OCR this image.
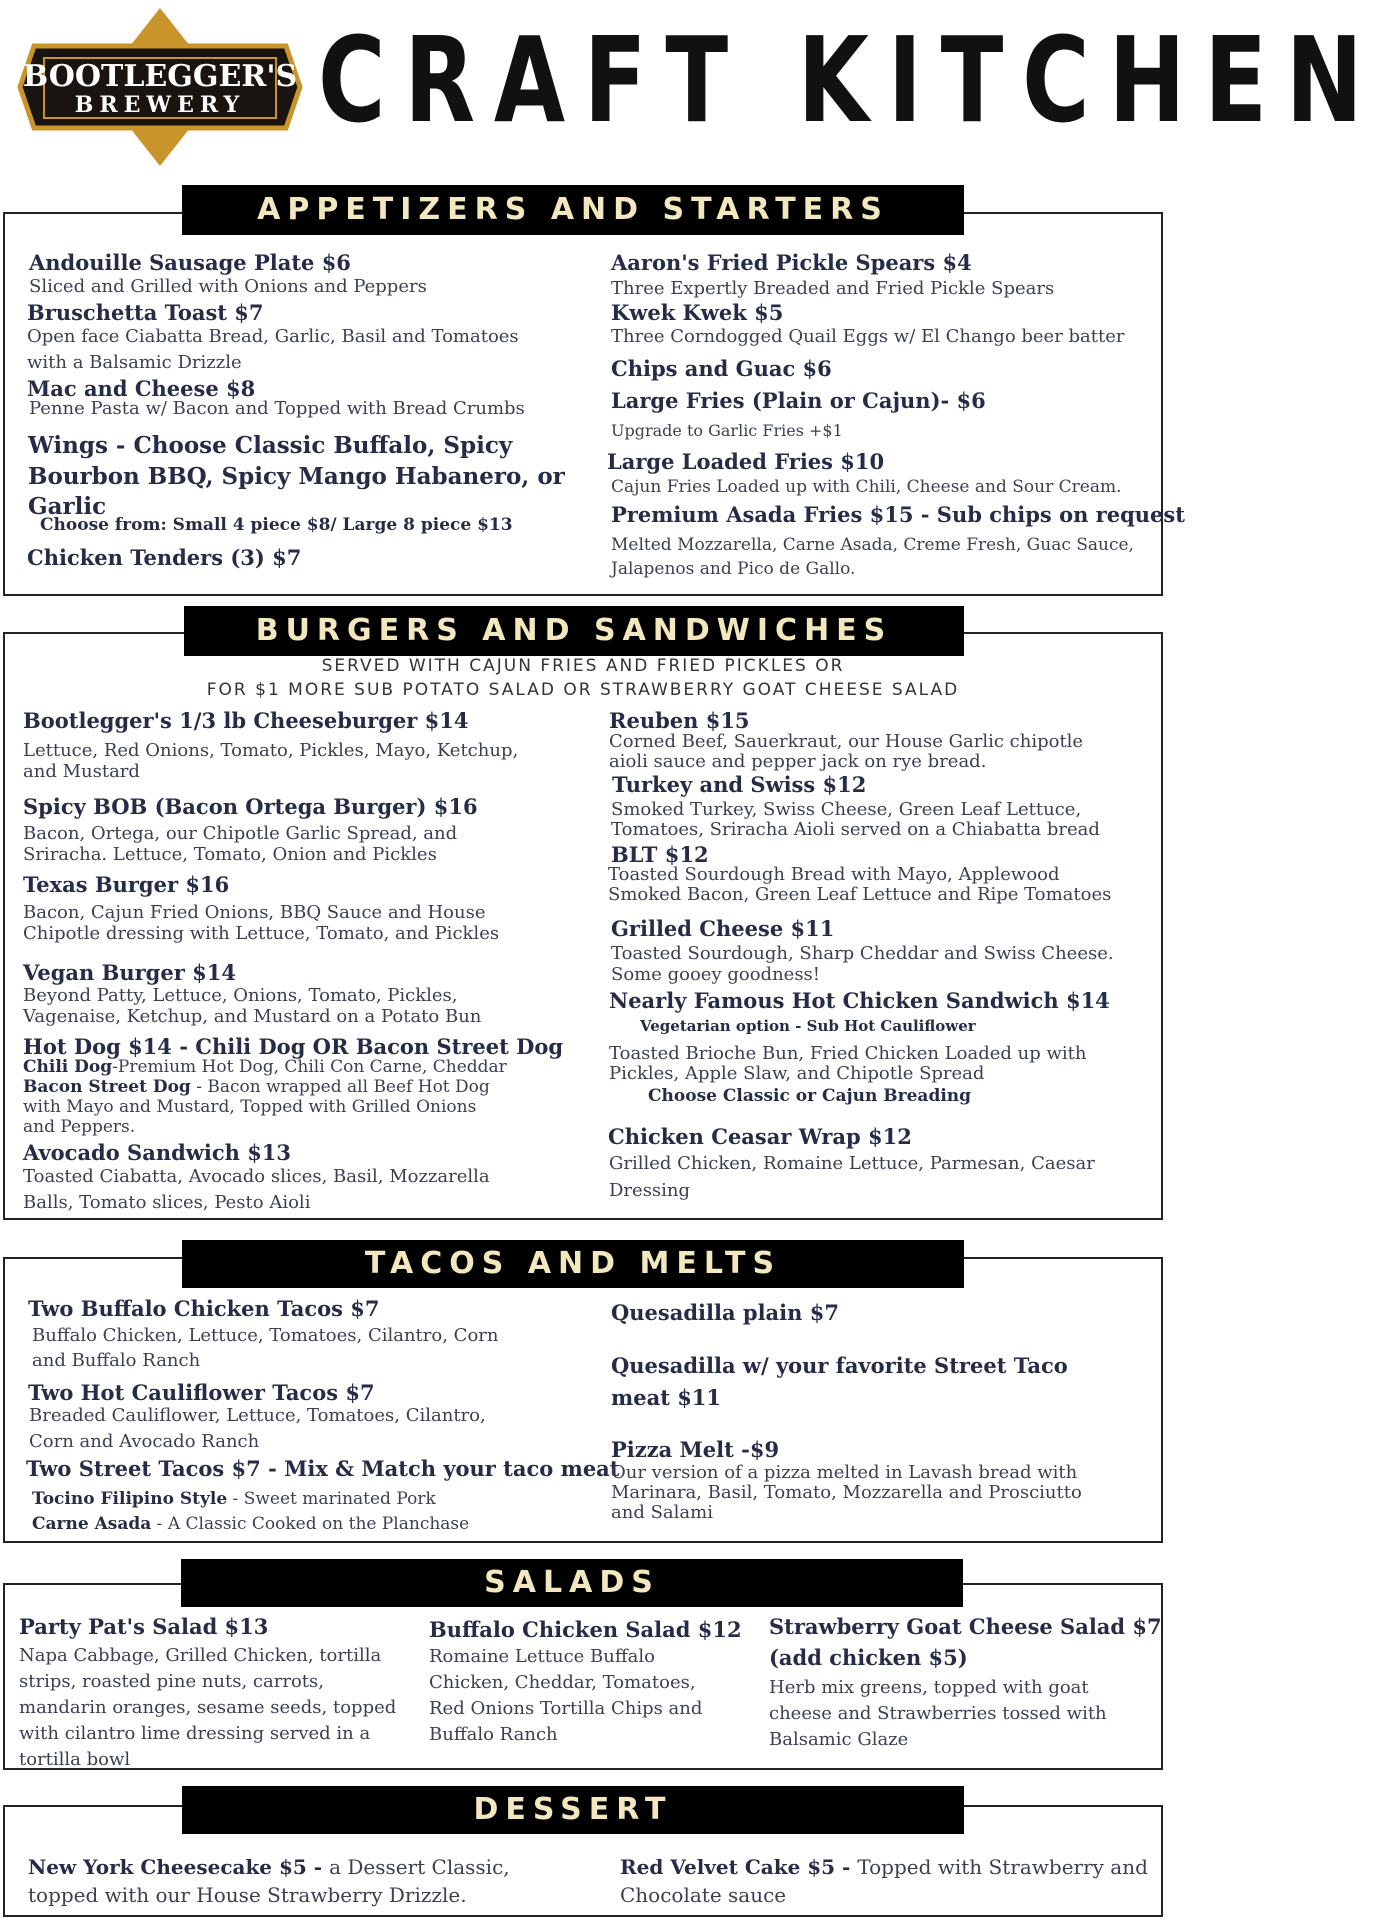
BOOTLEGGER'S
BREWERY CRAFT KITCHEN
APPETIZERS AND STARTERS
Andouille Sausage Plate $6
Sliced and Grilled with Onions and Peppers
Bruschetta Toast $7
Open face Ciabatta Bread, Garlic, Basil and Tomatoes
with a Balsamic Drizzle
Mac and Cheese $8
Penne Pasta w/ Bacon and Topped with Bread Crumbs
Wings - Choose Classic Buffalo, Spicy
Bourbon BBQ, Spicy Mango Habanero, or
Garlic
Choose from: Small 4 piece $8/ Large 8 piece $13
Chicken Tenders (3) $7
Aaron's Fried Pickle Spears $4
Three Expertly Breaded and Fried Pickle Spears
Kwek Kwek $5
Three Corndogged Quail Eggs w/ El Chango beer batter
Chips and Guac $6
Large Fries (Plain or Cajun)- $6
Upgrade to Garlic Fries +$1
Large Loaded Fries $10
Cajun Fries Loaded up with Chili, Cheese and Sour Cream.
Premium Asada Fries $15 - Sub chips on request
Melted Mozzarella, Carne Asada, Creme Fresh, Guac Sauce,
Jalapenos and Pico de Gallo.
BURGERS AND SANDWICHES
SERVED WITH CAJUN FRIES AND FRIED PICKLES OR
FOR $1 MORE SUB POTATO SALAD OR STRAWBERRY GOAT CHEESE SALAD
Bootlegger's 1/3 lb Cheeseburger $14
Lettuce, Red Onions, Tomato, Pickles, Mayo, Ketchup,
and Mustard
Spicy BOB (Bacon Ortega Burger) $16
Bacon, Ortega, our Chipotle Garlic Spread, and
Sriracha. Lettuce, Tomato, Onion and Pickles
Texas Burger $16
Bacon, Cajun Fried Onions, BBQ Sauce and House
Chipotle dressing with Lettuce, Tomato, and Pickles
Vegan Burger $14
Beyond Patty, Lettuce, Onions, Tomato, Pickles,
Vagenaise, Ketchup, and Mustard on a Potato Bun
Hot Dog $14 - Chili Dog OR Bacon Street Dog
Chili Dog-Premium Hot Dog, Chili Con Carne, Cheddar
Bacon Street Dog - Bacon wrapped all Beef Hot Dog
with Mayo and Mustard, Topped with Grilled Onions
and Peppers.
Avocado Sandwich $13
Toasted Ciabatta, Avocado slices, Basil, Mozzarella
Balls, Tomato slices, Pesto Aioli
Reuben $15
Corned Beef, Sauerkraut, our House Garlic chipotle
aioli sauce and pepper jack on rye bread.
Turkey and Swiss $12
Smoked Turkey, Swiss Cheese, Green Leaf Lettuce,
Tomatoes, Sriracha Aioli served on a Chiabatta bread
BLT $12
Toasted Sourdough Bread with Mayo, Applewood
Smoked Bacon, Green Leaf Lettuce and Ripe Tomatoes
Grilled Cheese $11
Toasted Sourdough, Sharp Cheddar and Swiss Cheese.
Some gooey goodness!
Nearly Famous Hot Chicken Sandwich $14
Vegetarian option - Sub Hot Cauliflower
Toasted Brioche Bun, Fried Chicken Loaded up with
Pickles, Apple Slaw, and Chipotle Spread
Choose Classic or Cajun Breading
Chicken Ceasar Wrap $12
Grilled Chicken, Romaine Lettuce, Parmesan, Caesar
Dressing
TACOS AND MELTS
Two Buffalo Chicken Tacos $7
Buffalo Chicken, Lettuce, Tomatoes, Cilantro, Corn
and Buffalo Ranch
Two Hot Cauliflower Tacos $7
Breaded Cauliflower, Lettuce, Tomatoes, Cilantro,
Corn and Avocado Ranch
Two Street Tacos $7 - Mix & Match your taco meat
Tocino Filipino Style - Sweet marinated Pork
Carne Asada - A Classic Cooked on the Planchase
Quesadilla plain $7
Quesadilla w/ your favorite Street Taco
meat $11
Pizza Melt -$9
Our version of a pizza melted in Lavash bread with
Marinara, Basil, Tomato, Mozzarella and Prosciutto
and Salami
SALADS
Party Pat's Salad $13
Napa Cabbage, Grilled Chicken, tortilla
strips, roasted pine nuts, carrots,
mandarin oranges, sesame seeds, topped
with cilantro lime dressing served in a
tortilla bowl
Buffalo Chicken Salad $12
Romaine Lettuce Buffalo
Chicken, Cheddar, Tomatoes,
Red Onions Tortilla Chips and
Buffalo Ranch
Strawberry Goat Cheese Salad $7
(add chicken $5)
Herb mix greens, topped with goat
cheese and Strawberries tossed with
Balsamic Glaze
DESSERT
New York Cheesecake $5 - a Dessert Classic,
topped with our House Strawberry Drizzle.
Red Velvet Cake $5 - Topped with Strawberry and
Chocolate sauce
